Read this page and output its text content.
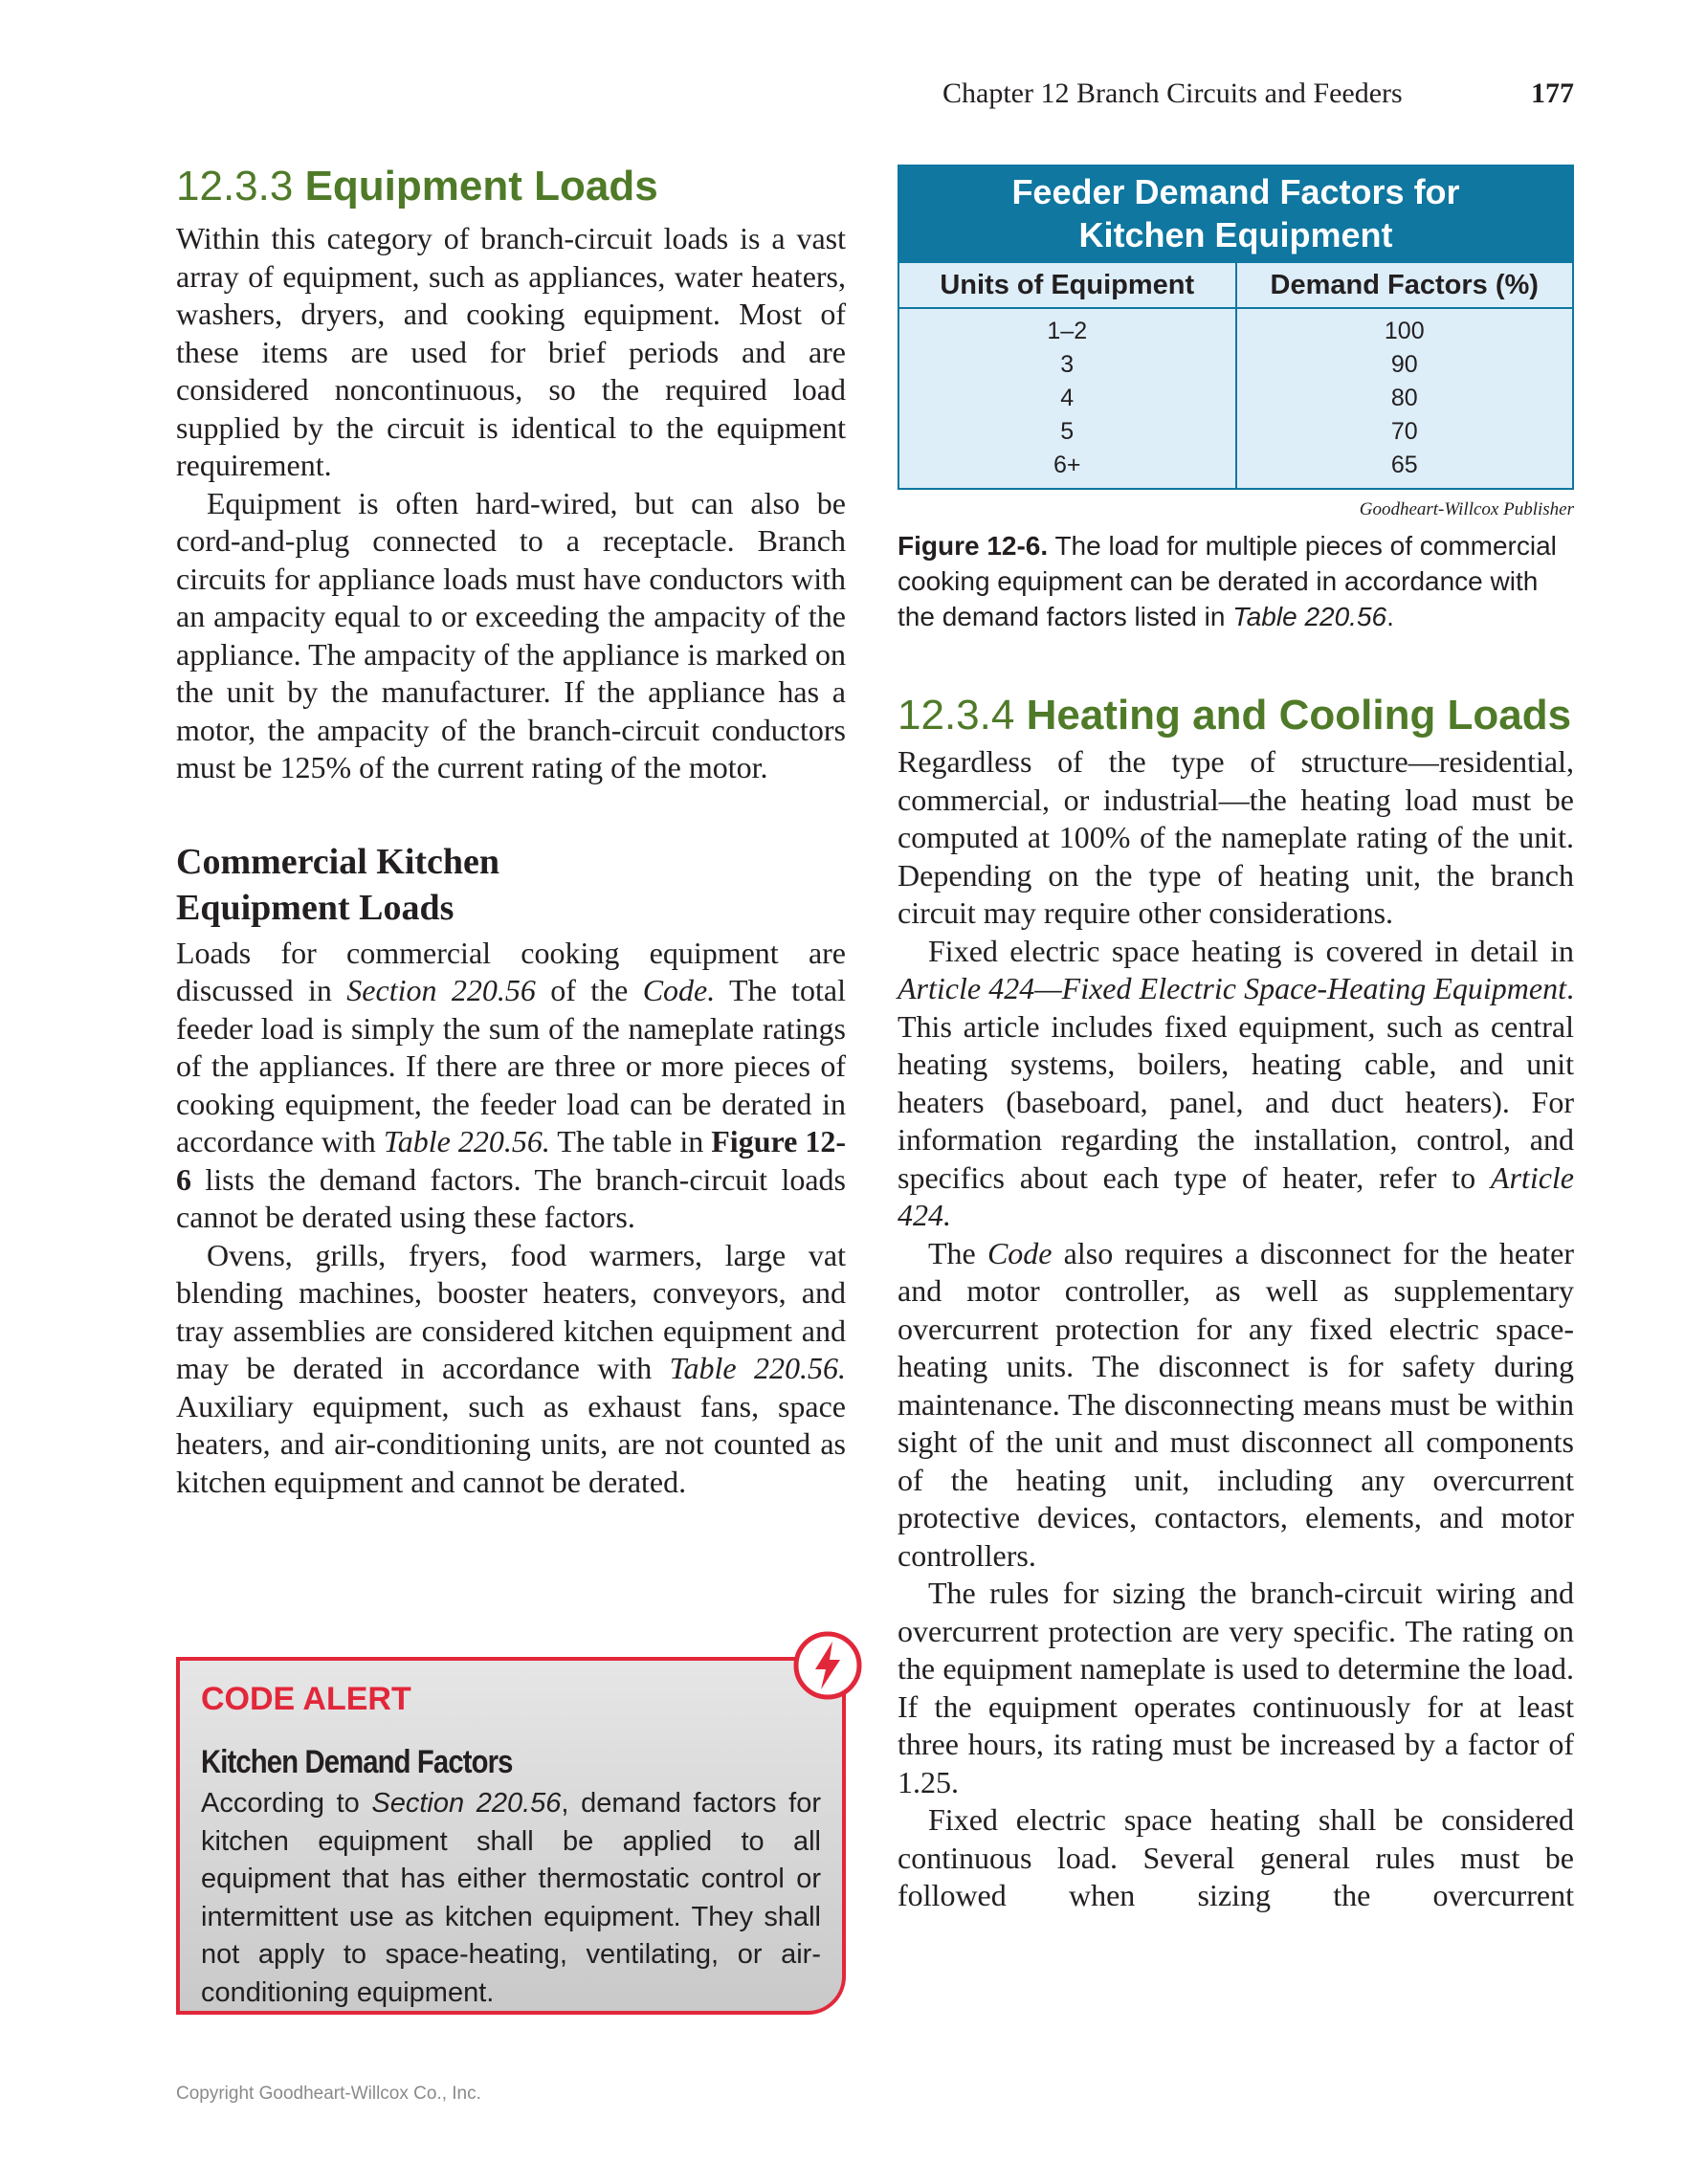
Chapter 12 Branch Circuits and Feeders	177
12.3.3 Equipment Loads

Within this category of branch-circuit loads is a vast array of equipment, such as appliances, water heaters, washers, dryers, and cooking equipment. Most of these items are used for brief periods and are considered noncontinuous, so the required load supplied by the circuit is identical to the equipment requirement.

Equipment is often hard-wired, but can also be cord-and-plug connected to a receptacle. Branch circuits for appliance loads must have conductors with an ampacity equal to or exceeding the ampacity of the appliance. The ampacity of the appliance is marked on the unit by the manufacturer. If the appliance has a motor, the ampacity of the branch-circuit conductors must be 125% of the current rating of the motor.

Commercial Kitchen
Equipment Loads

Loads for commercial cooking equipment are discussed in Section 220.56 of the Code. The total feeder load is simply the sum of the nameplate ratings of the appliances. If there are three or more pieces of cooking equipment, the feeder load can be derated in accordance with Table 220.56. The table in Figure 12-6 lists the demand factors. The branch-circuit loads cannot be derated using these factors.

Ovens, grills, fryers, food warmers, large vat blending machines, booster heaters, conveyors, and tray assemblies are considered kitchen equipment and may be derated in accordance with Table 220.56. Auxiliary equipment, such as exhaust fans, space heaters, and air-conditioning units, are not counted as kitchen equipment and cannot be derated.

CODE ALERT
Kitchen Demand Factors

According to Section 220.56, demand factors for kitchen equipment shall be applied to all equipment that has either thermostatic control or intermittent use as kitchen equipment. They shall not apply to space-heating, ventilating, or air-conditioning equipment.

Feeder Demand Factors for
Kitchen Equipment
Units of Equipment	Demand Factors (%)
1–2
3
4
5
6+
100
90
80
70
65
Goodheart-Willcox Publisher

Figure 12-6. The load for multiple pieces of commercial cooking equipment can be derated in accordance with the demand factors listed in Table 220.56.

12.3.4 Heating and Cooling Loads

Regardless of the type of structure—residential, commercial, or industrial—the heating load must be computed at 100% of the nameplate rating of the unit. Depending on the type of heating unit, the branch circuit may require other considerations.

Fixed electric space heating is covered in detail in Article 424—Fixed Electric Space-Heating Equipment. This article includes fixed equipment, such as central heating systems, boilers, heating cable, and unit heaters (baseboard, panel, and duct heaters). For information regarding the installation, control, and specifics about each type of heater, refer to Article 424.

The Code also requires a disconnect for the heater and motor controller, as well as supplementary overcurrent protection for any fixed electric space-heating units. The disconnect is for safety during maintenance. The disconnecting means must be within sight of the unit and must disconnect all components of the heating unit, including any overcurrent protective devices, contactors, elements, and motor controllers.

The rules for sizing the branch-circuit wiring and overcurrent protection are very specific. The rating on the equipment nameplate is used to determine the load. If the equipment operates continuously for at least three hours, its rating must be increased by a factor of 1.25.

Fixed electric space heating shall be considered continuous load. Several general rules must be followed when sizing the overcurrent

Copyright Goodheart-Willcox Co., Inc.
